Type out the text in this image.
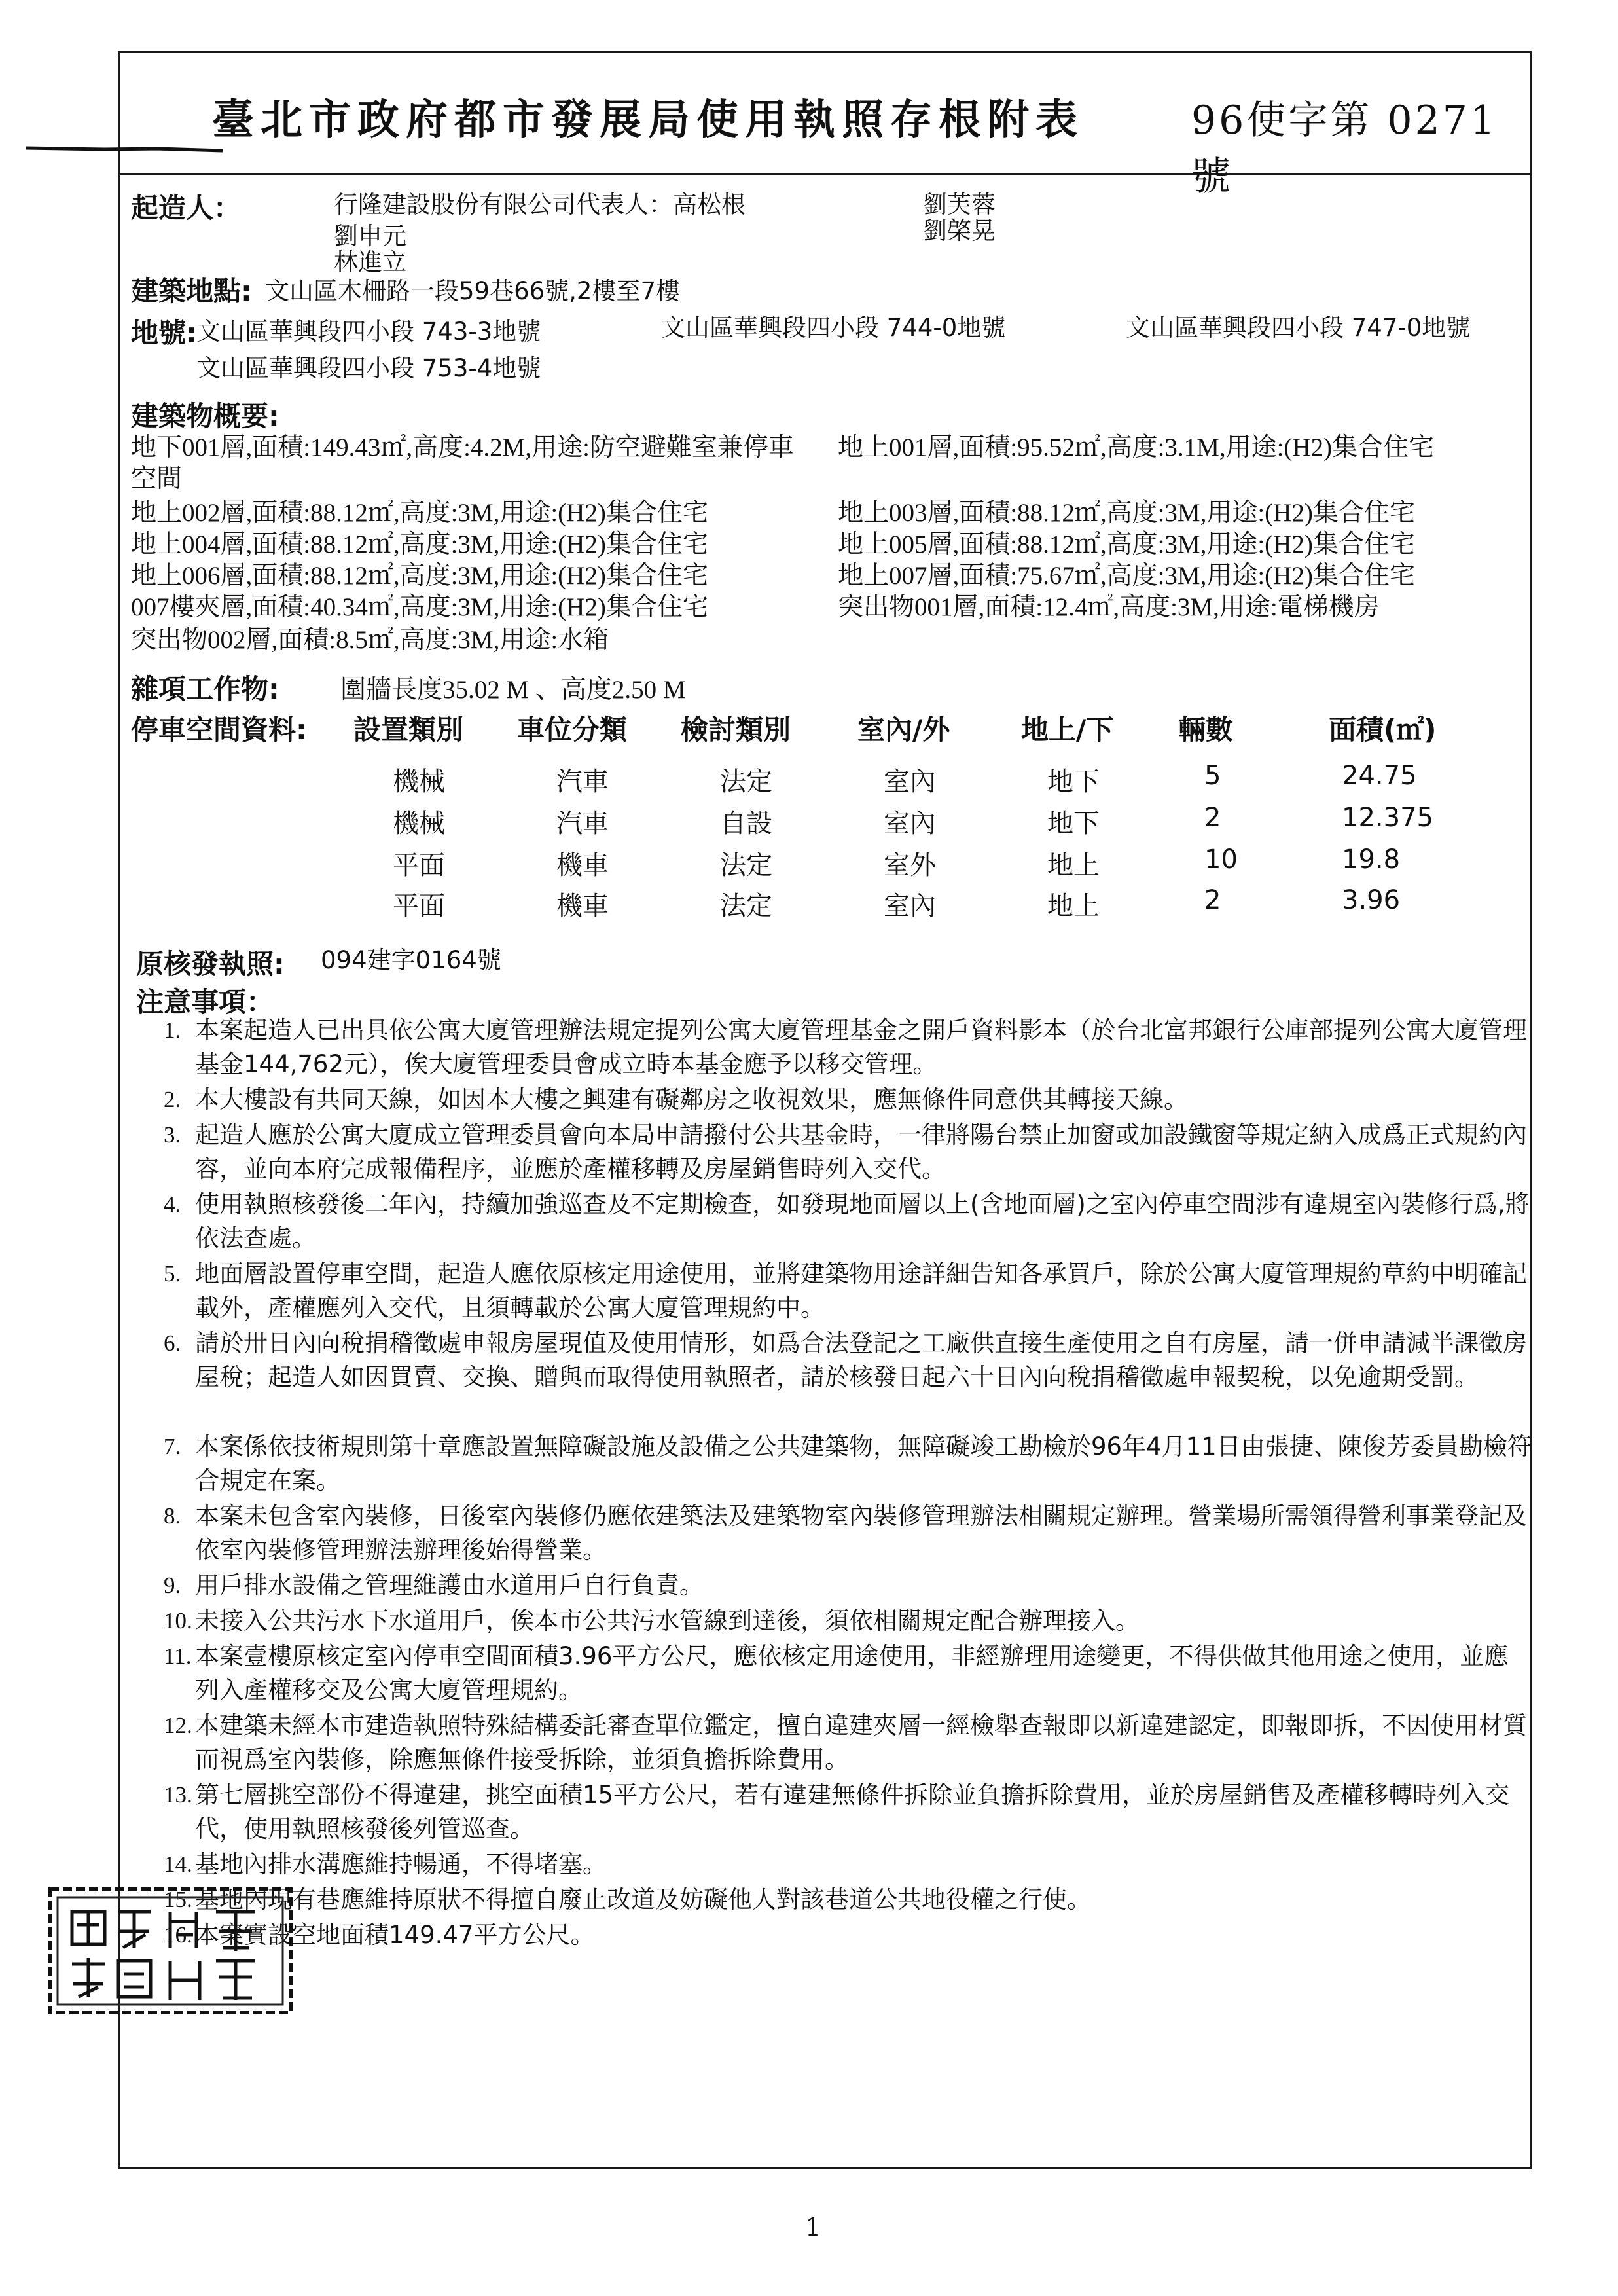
臺北市政府都市發展局使用執照存根附表	96使字第 0271 號
起造人：	行隆建設股份有限公司代表人：高松根
劉申元
林進立
劉芙蓉
劉棨晃
建築地點: 文山區木柵路一段59巷66號,2樓至7樓
地號: 文山區華興段四小段 743-3地號	文山區華興段四小段 744-0地號	文山區華興段四小段 747-0地號
文山區華興段四小段 753-4地號
建築物概要:
地下001層,面積:149.43㎡,高度:4.2M,用途:防空避難室兼停車
空間
地上001層,面積:95.52㎡,高度:3.1M,用途:(H2)集合住宅
地上002層,面積:88.12㎡,高度:3M,用途:(H2)集合住宅	地上003層,面積:88.12㎡,高度:3M,用途:(H2)集合住宅
地上004層,面積:88.12㎡,高度:3M,用途:(H2)集合住宅	地上005層,面積:88.12㎡,高度:3M,用途:(H2)集合住宅
地上006層,面積:88.12㎡,高度:3M,用途:(H2)集合住宅	地上007層,面積:75.67㎡,高度:3M,用途:(H2)集合住宅
007樓夾層,面積:40.34㎡,高度:3M,用途:(H2)集合住宅	突出物001層,面積:12.4㎡,高度:3M,用途:電梯機房
突出物002層,面積:8.5㎡,高度:3M,用途:水箱
雜項工作物: 圍牆長度35.02 M 、高度2.50 M
停車空間資料: 設置類別 車位分類 檢討類別 室內/外	地上/下 輛數	面積(㎡)
機械	汽車	法定	室內	地下	5	24.75
機械	汽車	自設	室內	地下	2	12.375
平面	機車	法定	室外	地上	10	19.8
平面	機車	法定	室內	地上	2	3.96
原核發執照: 094建字0164號
注意事項：
1. 本案起造人已出具依公寓大廈管理辦法規定提列公寓大廈管理基金之開戶資料影本（於台北富邦銀行公庫部提列公寓大廈管理基金144,762元），俟大廈管理委員會成立時本基金應予以移交管理。
2. 本大樓設有共同天線，如因本大樓之興建有礙鄰房之收視效果，應無條件同意供其轉接天線。
3. 起造人應於公寓大廈成立管理委員會向本局申請撥付公共基金時，一律將陽台禁止加窗或加設鐵窗等規定納入成爲正式規約內容，並向本府完成報備程序，並應於產權移轉及房屋銷售時列入交代。
4. 使用執照核發後二年內，持續加強巡查及不定期檢查，如發現地面層以上(含地面層)之室內停車空間涉有違規室內裝修行爲,將依法查處。
5. 地面層設置停車空間，起造人應依原核定用途使用，並將建築物用途詳細告知各承買戶，除於公寓大廈管理規約草約中明確記載外，產權應列入交代，且須轉載於公寓大廈管理規約中。
6. 請於卅日內向稅捐稽徵處申報房屋現值及使用情形，如爲合法登記之工廠供直接生產使用之自有房屋，請一併申請減半課徵房屋稅；起造人如因買賣、交換、贈與而取得使用執照者，請於核發日起六十日內向稅捐稽徵處申報契稅，以免逾期受罰。
7. 本案係依技術規則第十章應設置無障礙設施及設備之公共建築物，無障礙竣工勘檢於96年4月11日由張捷、陳俊芳委員勘檢符合規定在案。
8. 本案未包含室內裝修，日後室內裝修仍應依建築法及建築物室內裝修管理辦法相關規定辦理。營業場所需領得營利事業登記及依室內裝修管理辦法辦理後始得營業。
9. 用戶排水設備之管理維護由水道用戶自行負責。
10. 未接入公共污水下水道用戶，俟本市公共污水管線到達後，須依相關規定配合辦理接入。
11. 本案壹樓原核定室內停車空間面積3.96平方公尺，應依核定用途使用，非經辦理用途變更，不得供做其他用途之使用，並應列入產權移交及公寓大廈管理規約。
12. 本建築未經本市建造執照特殊結構委託審查單位鑑定，擅自違建夾層一經檢舉查報即以新違建認定，即報即拆，不因使用材質而視爲室內裝修，除應無條件接受拆除，並須負擔拆除費用。
13. 第七層挑空部份不得違建，挑空面積15平方公尺，若有違建無條件拆除並負擔拆除費用，並於房屋銷售及產權移轉時列入交代，使用執照核發後列管巡查。
14. 基地內排水溝應維持暢通，不得堵塞。
15. 基地內現有巷應維持原狀不得擅自廢止改道及妨礙他人對該巷道公共地役權之行使。
16. 本案實設空地面積149.47平方公尺。
1
